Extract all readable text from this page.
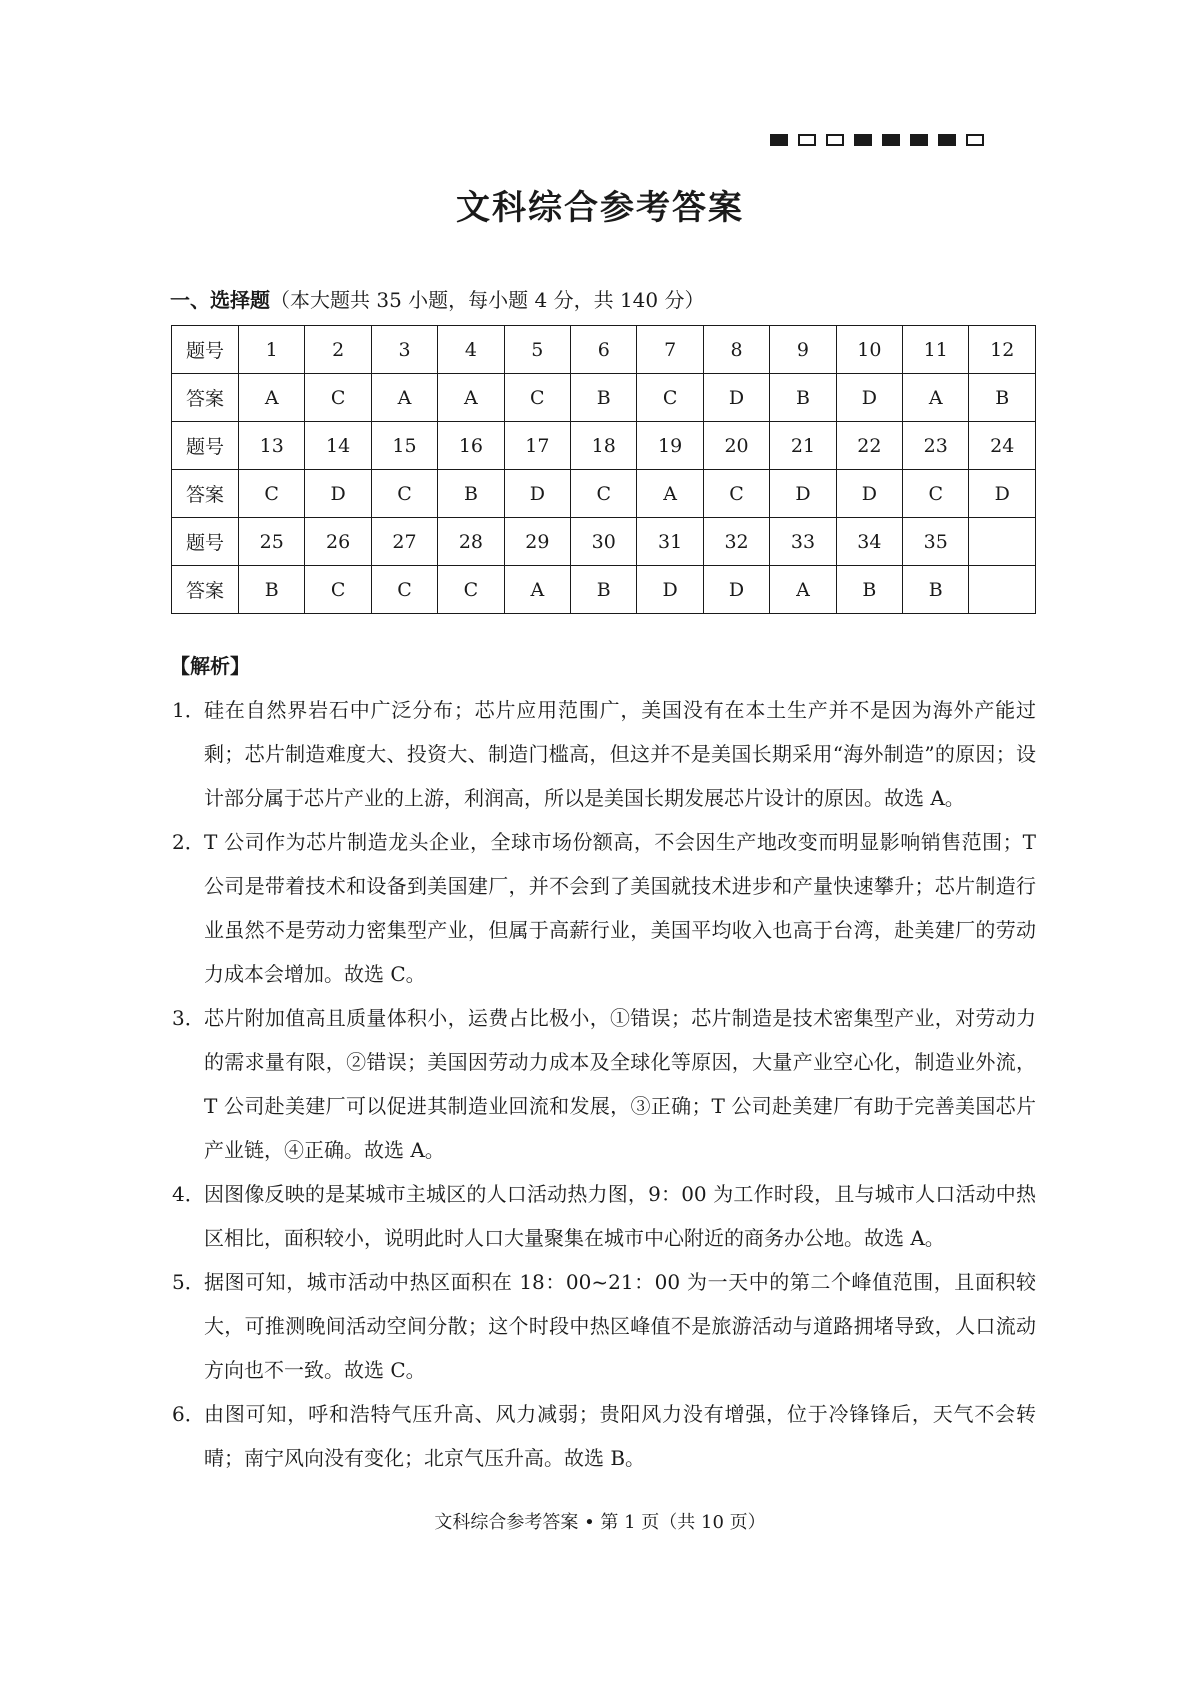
文科综合参考答案
一、选择题（本大题共 35 小题，每小题 4 分，共 140 分）
题号	1	2	3	4	5	6	7	8	9	10	11	12
答案	A	C	A	A	C	B	C	D	B	D	A	B
题号	13	14	15	16	17	18	19	20	21	22	23	24
答案	C	D	C	B	D	C	A	C	D	D	C	D
题号	25	26	27	28	29	30	31	32	33	34	35	
答案	B	C	C	C	A	B	D	D	A	B	B	
【解析】
1． 硅在自然界岩石中广泛分布；芯片应用范围广，美国没有在本土生产并不是因为海外产能过剩；芯片制造难度大、投资大、制造门槛高，但这并不是美国长期采用“海外制造”的原因；设计部分属于芯片产业的上游，利润高，所以是美国长期发展芯片设计的原因。故选 A。
2． T 公司作为芯片制造龙头企业，全球市场份额高，不会因生产地改变而明显影响销售范围；T 公司是带着技术和设备到美国建厂，并不会到了美国就技术进步和产量快速攀升；芯片制造行业虽然不是劳动力密集型产业，但属于高薪行业，美国平均收入也高于台湾，赴美建厂的劳动力成本会增加。故选 C。
3． 芯片附加值高且质量体积小，运费占比极小，①错误；芯片制造是技术密集型产业，对劳动力的需求量有限，②错误；美国因劳动力成本及全球化等原因，大量产业空心化，制造业外流，T 公司赴美建厂可以促进其制造业回流和发展，③正确；T 公司赴美建厂有助于完善美国芯片产业链，④正确。故选 A。
4． 因图像反映的是某城市主城区的人口活动热力图，9：00 为工作时段，且与城市人口活动中热区相比，面积较小，说明此时人口大量聚集在城市中心附近的商务办公地。故选 A。
5． 据图可知，城市活动中热区面积在 18：00~21：00 为一天中的第二个峰值范围，且面积较大，可推测晚间活动空间分散；这个时段中热区峰值不是旅游活动与道路拥堵导致，人口流动方向也不一致。故选 C。
6． 由图可知，呼和浩特气压升高、风力减弱；贵阳风力没有增强，位于冷锋锋后，天气不会转晴；南宁风向没有变化；北京气压升高。故选 B。
文科综合参考答案 • 第 1 页（共 10 页）
